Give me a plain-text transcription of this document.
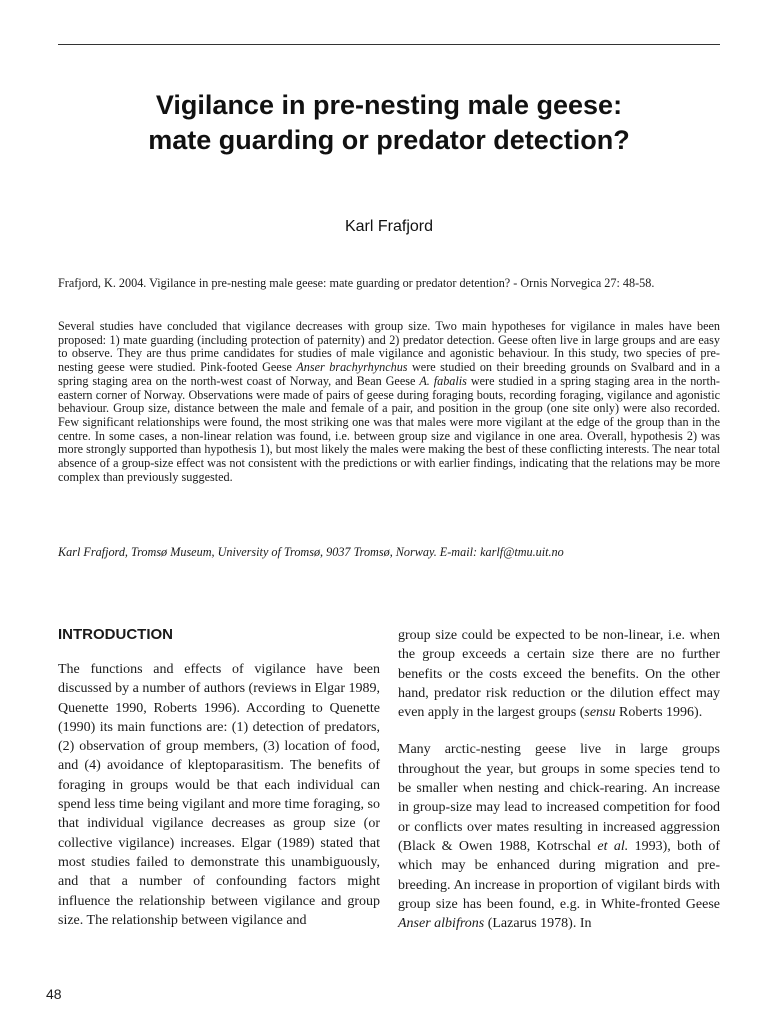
Vigilance in pre-nesting male geese:
mate guarding or predator detection?
Karl Frafjord
Frafjord, K. 2004. Vigilance in pre-nesting male geese: mate guarding or predator detention? - Ornis Norvegica 27: 48-58.
Several studies have concluded that vigilance decreases with group size. Two main hypotheses for vigilance in males have been proposed: 1) mate guarding (including protection of paternity) and 2) predator detection. Geese often live in large groups and are easy to observe. They are thus prime candidates for studies of male vigilance and agonistic behaviour. In this study, two species of pre-nesting geese were studied. Pink-footed Geese Anser brachyrhynchus were studied on their breeding grounds on Svalbard and in a spring staging area on the north-west coast of Norway, and Bean Geese A. fabalis were studied in a spring staging area in the north-eastern corner of Norway. Observations were made of pairs of geese during foraging bouts, recording foraging, vigilance and agonistic behaviour. Group size, distance between the male and female of a pair, and position in the group (one site only) were also recorded. Few significant relationships were found, the most striking one was that males were more vigilant at the edge of the group than in the centre. In some cases, a non-linear relation was found, i.e. between group size and vigilance in one area. Overall, hypothesis 2) was more strongly supported than hypothesis 1), but most likely the males were making the best of these conflicting interests. The near total absence of a group-size effect was not consistent with the predictions or with earlier findings, indicating that the relations may be more complex than previously suggested.
Karl Frafjord, Tromsø Museum, University of Tromsø, 9037 Tromsø, Norway. E-mail: karlf@tmu.uit.no
INTRODUCTION
The functions and effects of vigilance have been discussed by a number of authors (reviews in Elgar 1989, Quenette 1990, Roberts 1996). According to Quenette (1990) its main functions are: (1) detection of predators, (2) observation of group members, (3) location of food, and (4) avoidance of kleptoparasitism. The benefits of foraging in groups would be that each individual can spend less time being vigilant and more time foraging, so that individual vigilance decreases as group size (or collective vigilance) increases. Elgar (1989) stated that most studies failed to demonstrate this unambiguously, and that a number of confounding factors might influence the relationship between vigilance and group size. The relationship between vigilance and
group size could be expected to be non-linear, i.e. when the group exceeds a certain size there are no further benefits or the costs exceed the benefits. On the other hand, predator risk reduction or the dilution effect may even apply in the largest groups (sensu Roberts 1996).
Many arctic-nesting geese live in large groups throughout the year, but groups in some species tend to be smaller when nesting and chick-rearing. An increase in group-size may lead to increased competition for food or conflicts over mates resulting in increased aggression (Black & Owen 1988, Kotrschal et al. 1993), both of which may be enhanced during migration and pre-breeding. An increase in proportion of vigilant birds with group size has been found, e.g. in White-fronted Geese Anser albifrons (Lazarus 1978). In
48
